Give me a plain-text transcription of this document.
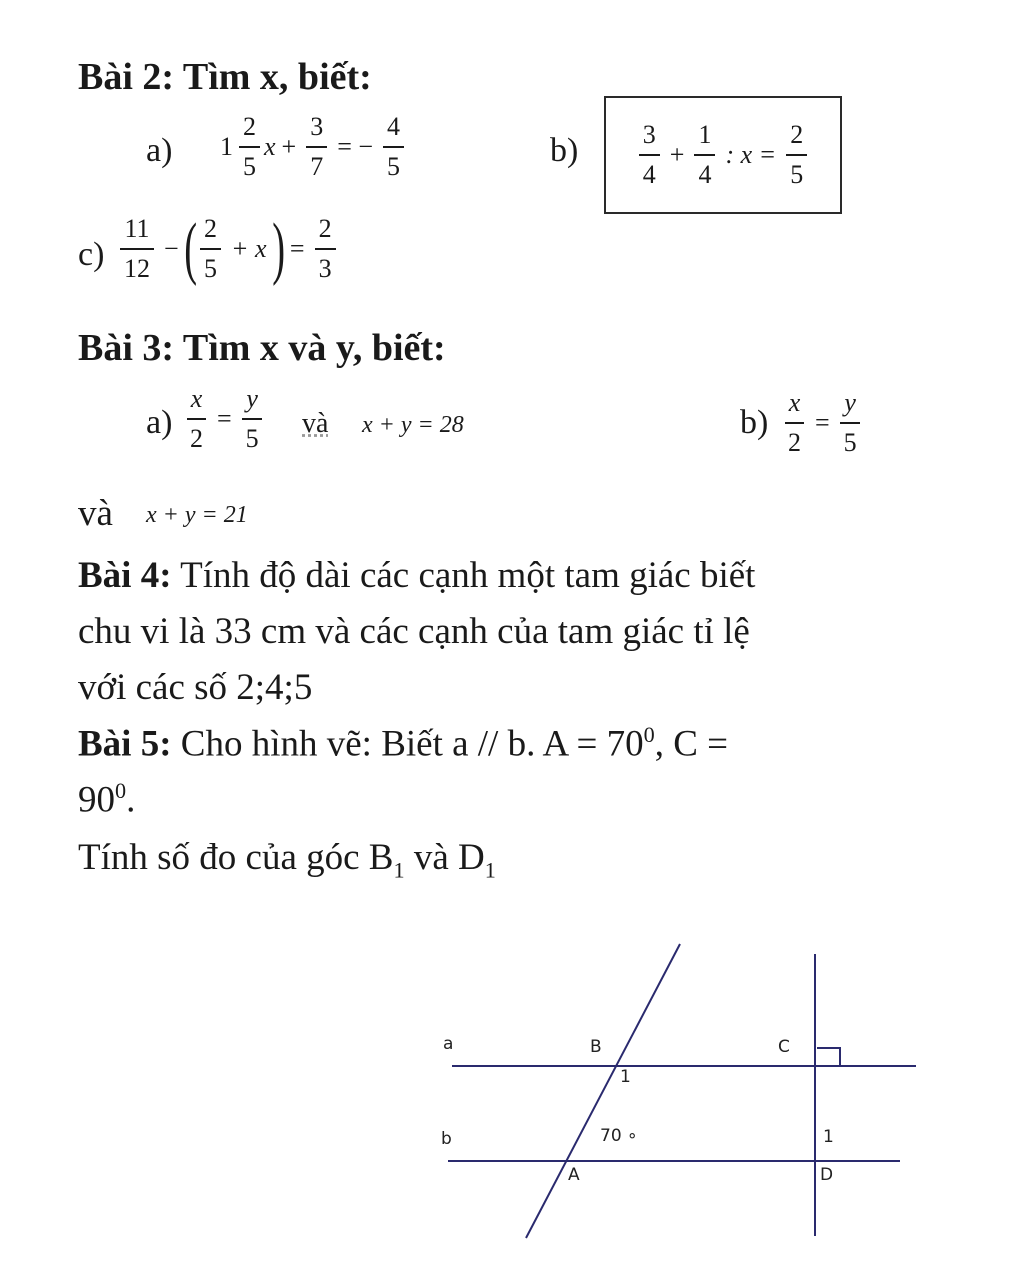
Bài 2: Tìm x, biết:
a) $1 \frac{2}{5}$ $x + \frac{3}{7}$ = − $\frac{4}{5}$	$b) \frac{3}{4} + \frac{1}{4}$ : $x = \frac{2}{5}$
$c) \frac{11}{12}$ − ( $\frac{2}{5} + x$ ) = $\frac{2}{3}$
Bài 3: Tìm x và y, biết:
$a) \frac{x}{2} = \frac{y}{5}$ và x + y = 28	$b) \frac{x}{2} = \frac{y}{5}$
và x + y = 21
Bài 4: Tính độ dài các cạnh một tam giác biết
chu vi là 33 cm và các cạnh của tam giác tỉ lệ
với các số 2;4;5
Bài 5: Cho hình vẽ: Biết a // b. $A = 70^0$, C =
$90^0$.
Tính số đo của góc $B_1$ và $D_1$
a
b
B	C
1
70 ∘	1
A	D
